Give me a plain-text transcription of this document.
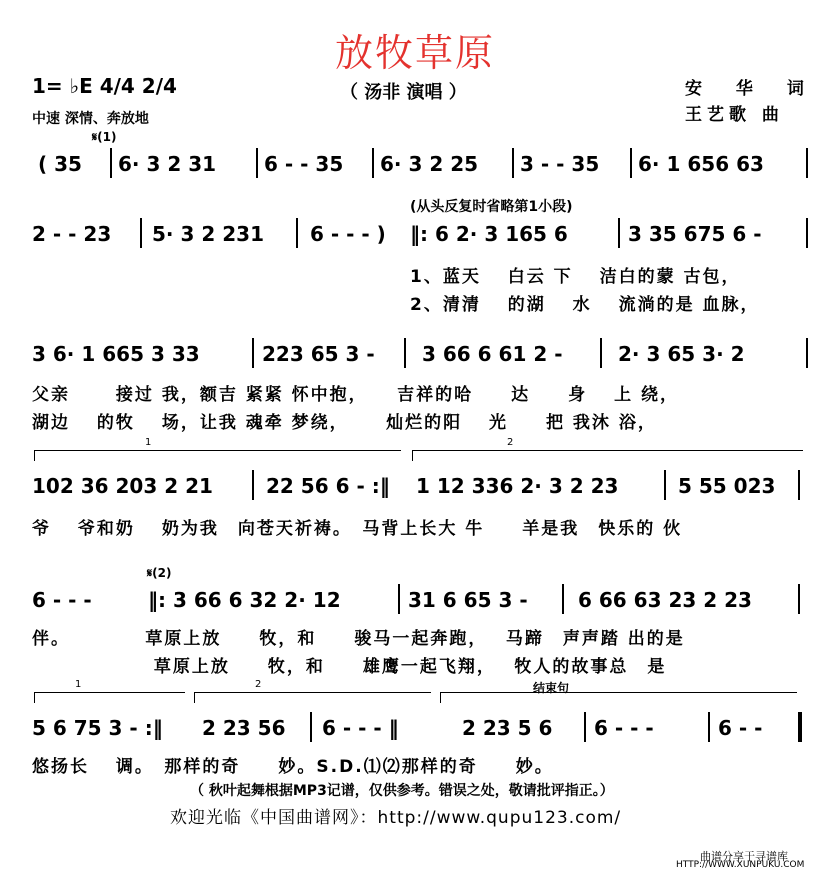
放牧草原
（ 汤非 演唱 ）
1= ♭E 4/4 2/4
中速 深情、奔放地
安 华 词
王艺歌 曲
𝄋(1)
( 35 6· 3 2 31 6 - - 35 6· 3 2 25 3 - - 35 6· 1 656 63
(从头反复时省略第1小段)
2 - - 23 5· 3 2 231 6 - - - ) ‖: 6 2· 3 165 6	3 35 675 6 -
1、蓝天 　白云 下 　洁白的蒙 古包，
2、清清 　的湖 　水 　流淌的是 血脉，
3 6· 1 665 3 33	223 65 3 - 3 66 6 61 2 -	2· 3 65 3· 2
父亲 　　接过 我，额吉 紧紧 怀中抱，　　吉祥的哈　　达　　身　 上 绕，
湖边　 的牧　 场，让我 魂牵 梦绕，　　 灿烂的阳　 光　　把 我沐 浴，
1	2
102 36 203 2 21	22 56 6 - :‖ 1 12 336 2· 3 2 23	5 55 023
爷　 爷和奶　 奶为我　向苍天祈祷。　马背上长大 牛　　羊是我　快乐的 伙
𝄋(2)
6 - - -	‖: 3 66 6 32 2· 12	31 6 65 3 -	6 66 63 23 2 23
伴。　　　　 草原上放　　牧，和　　骏马一起奔跑，　 马蹄　声声踏 出的是
　　　　　　 草原上放　　牧，和　　雄鹰一起飞翔，　 牧人的故事总　是
1	2	结束句
5 6 75 3 - :‖ 2 23 56 6 - - - ‖	2 23 5 6 6 - - -	6 - -
悠扬长　 调。　那样的奇　　妙。S.D.⑴⑵那样的奇　　妙。
（ 秋叶起舞根据MP3记谱，仅供参考。错误之处，敬请批评指正。）
欢迎光临《中国曲谱网》：http://www.qupu123.com/
曲谱分享于寻谱库
HTTP://WWW.XUNPUKU.COM
